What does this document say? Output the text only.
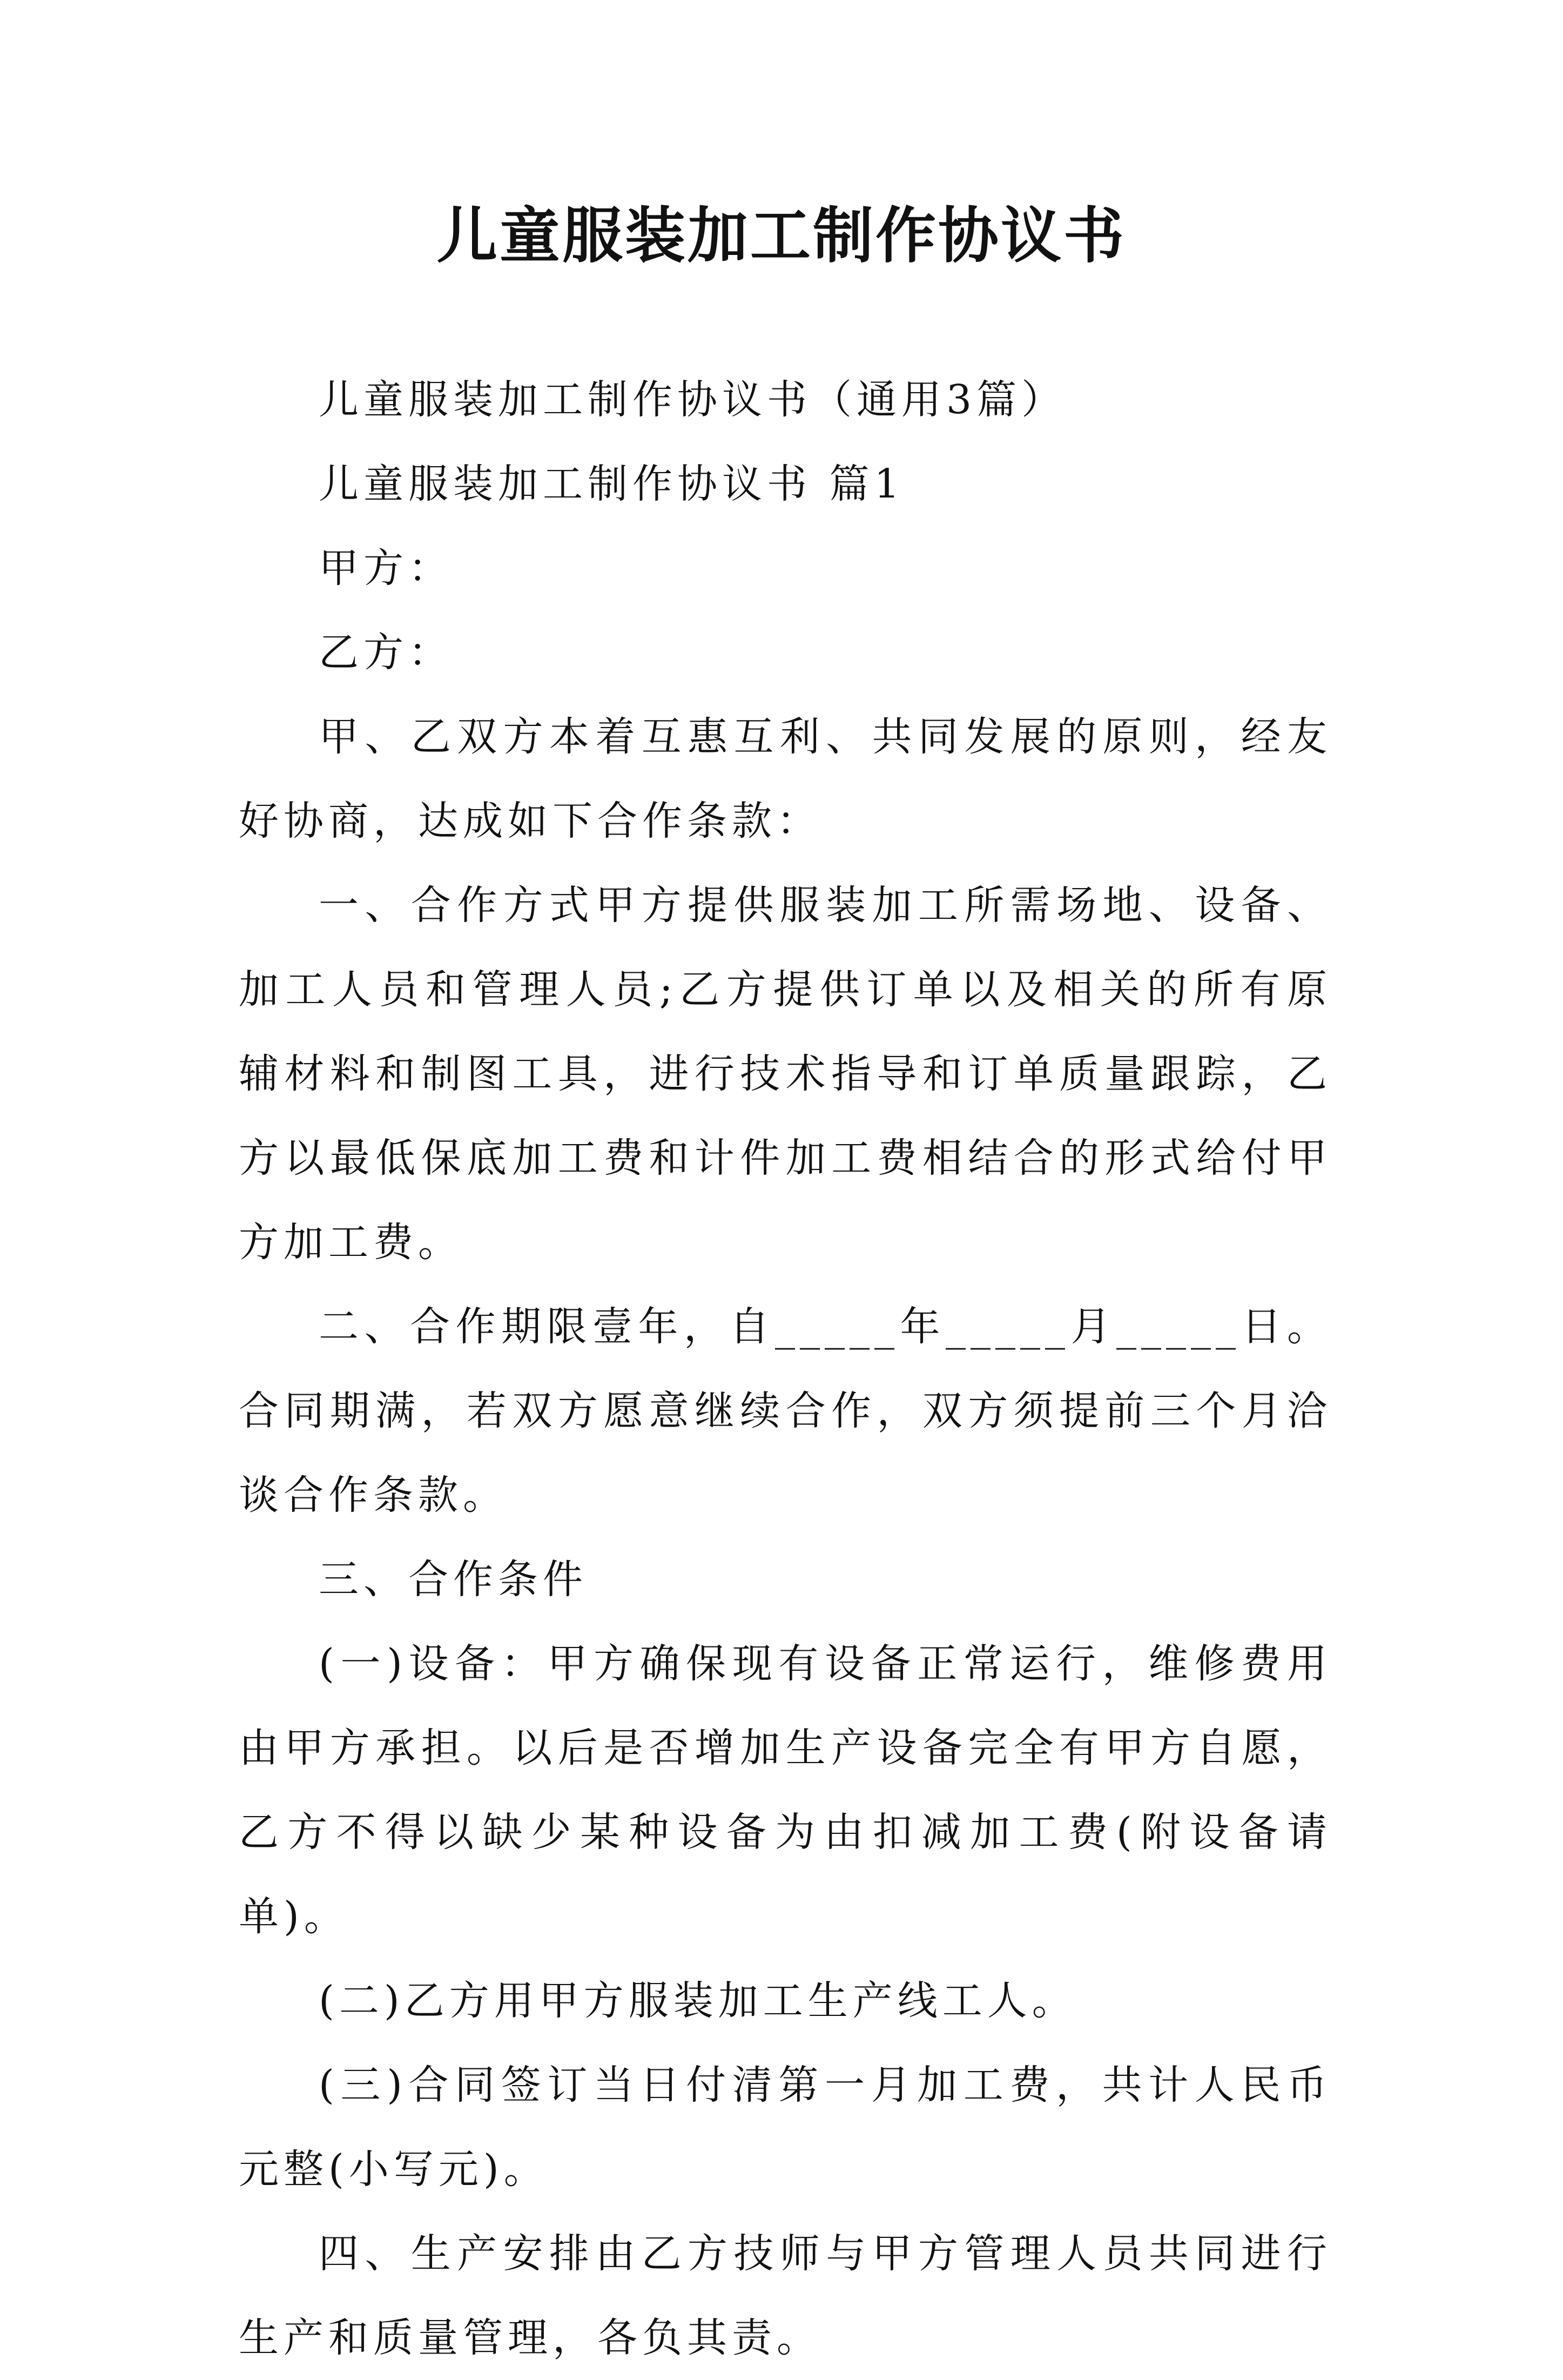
儿童服装加工制作协议书

儿童服装加工制作协议书（通用3篇）

儿童服装加工制作协议书 篇1

甲方：

乙方：

甲、乙双方本着互惠互利、共同发展的原则，经友好协商，达成如下合作条款：

一、合作方式甲方提供服装加工所需场地、设备、加工人员和管理人员;乙方提供订单以及相关的所有原辅材料和制图工具，进行技术指导和订单质量跟踪，乙方以最低保底加工费和计件加工费相结合的形式给付甲方加工费。

二、合作期限壹年，自_____年_____月_____日。合同期满，若双方愿意继续合作，双方须提前三个月洽谈合作条款。

三、合作条件

(一)设备：甲方确保现有设备正常运行，维修费用由甲方承担。以后是否增加生产设备完全有甲方自愿，乙方不得以缺少某种设备为由扣减加工费(附设备请单)。

(二)乙方用甲方服装加工生产线工人。

(三)合同签订当日付清第一月加工费，共计人民币元整(小写元)。

四、生产安排由乙方技师与甲方管理人员共同进行生产和质量管理，各负其责。
